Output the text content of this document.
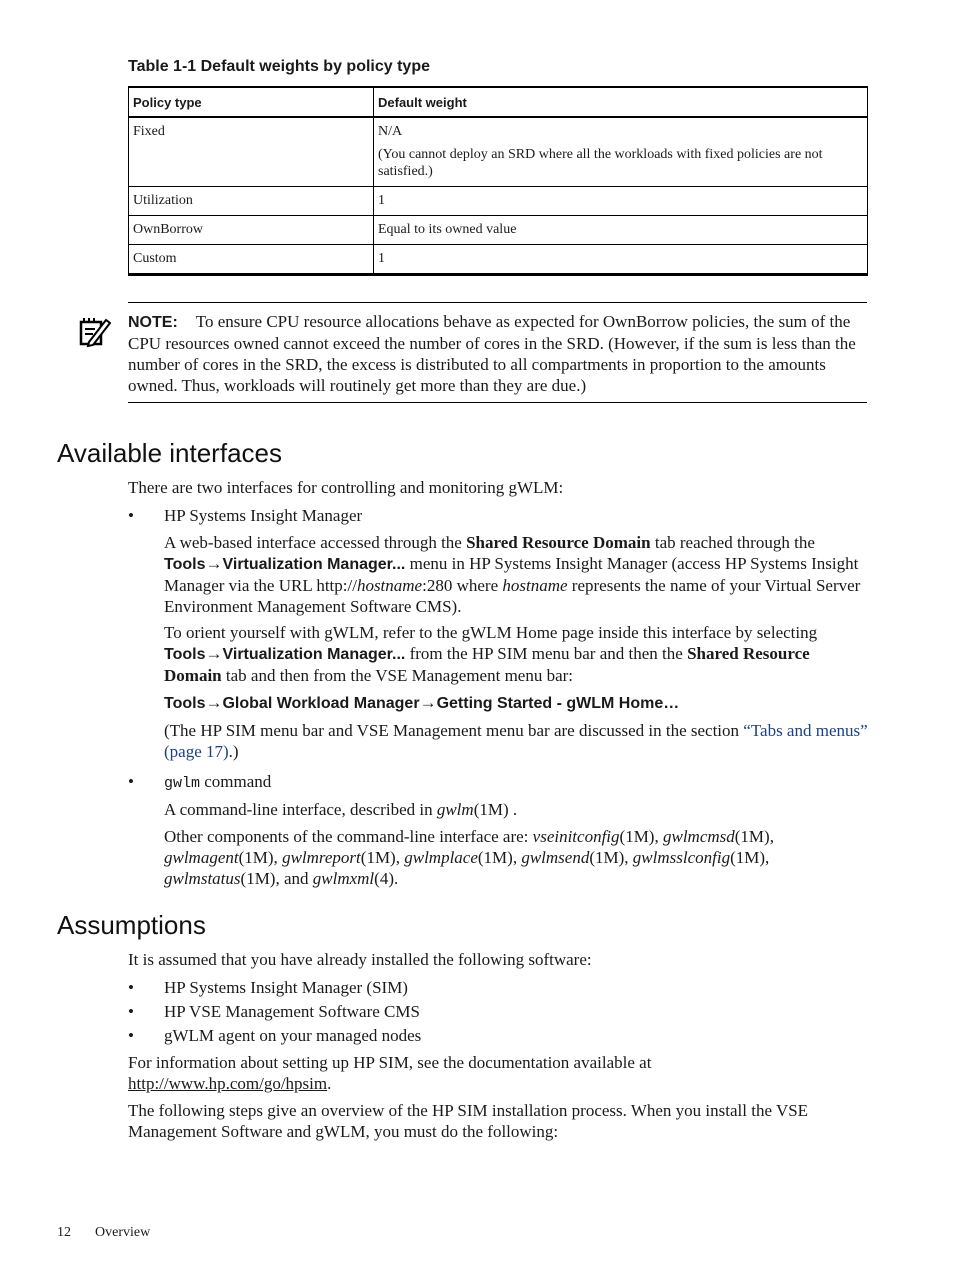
Table 1-1 Default weights by policy type
Policy type	Default weight
Fixed	N/A
(You cannot deploy an SRD where all the workloads with fixed policies are not satisfied.)

Utilization	1
OwnBorrow	Equal to its owned value
Custom	1
NOTE: To ensure CPU resource allocations behave as expected for OwnBorrow policies, the sum of the CPU resources owned cannot exceed the number of cores in the SRD. (However, if the sum is less than the number of cores in the SRD, the excess is distributed to all compartments in proportion to the amounts owned. Thus, workloads will routinely get more than they are due.)
Available interfaces
There are two interfaces for controlling and monitoring gWLM:
• HP Systems Insight Manager
A web-based interface accessed through the Shared Resource Domain tab reached through the Tools→Virtualization Manager... menu in HP Systems Insight Manager (access HP Systems Insight Manager via the URL http://hostname:280 where hostname represents the name of your Virtual Server Environment Management Software CMS).
To orient yourself with gWLM, refer to the gWLM Home page inside this interface by selecting Tools→Virtualization Manager... from the HP SIM menu bar and then the Shared Resource Domain tab and then from the VSE Management menu bar:
Tools→Global Workload Manager→Getting Started - gWLM Home…
(The HP SIM menu bar and VSE Management menu bar are discussed in the section “Tabs and menus” (page 17).)
• gwlm command
A command-line interface, described in gwlm(1M) .
Other components of the command-line interface are: vseinitconfig(1M), gwlmcmsd(1M), gwlmagent(1M), gwlmreport(1M), gwlmplace(1M), gwlmsend(1M), gwlmsslconfig(1M), gwlmstatus(1M), and gwlmxml(4).
Assumptions
It is assumed that you have already installed the following software:
• HP Systems Insight Manager (SIM)
• HP VSE Management Software CMS
• gWLM agent on your managed nodes
For information about setting up HP SIM, see the documentation available at
http://www.hp.com/go/hpsim.
The following steps give an overview of the HP SIM installation process. When you install the VSE Management Software and gWLM, you must do the following:
12 Overview
